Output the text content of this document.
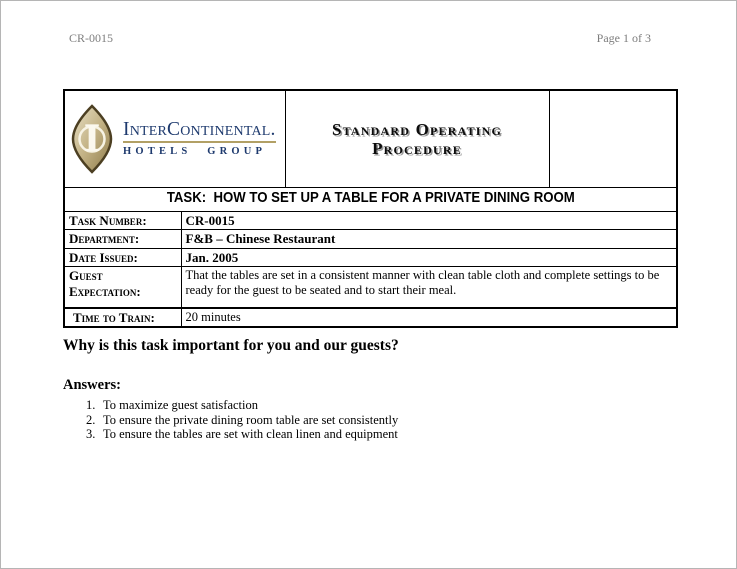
CR-0015	Page 1 of 3
I InterContinental.
HOTELS GROUP

Standard Operating
Procedure

TASK:  HOW TO SET UP A TABLE FOR A PRIVATE DINING ROOM			
Task Number:	CR-0015		
Department:	F&B – Chinese Restaurant		
Date Issued:	Jan. 2005		
Guest Expectation:	That the tables are set in a consistent manner with clean table cloth and complete settings to be ready for the guest to be seated and to start their meal.		
Time to Train:	20 minutes		

Why is this task important for you and our guests?

Answers:

1. To maximize guest satisfaction
2. To ensure the private dining room table are set consistently
3. To ensure the tables are set with clean linen and equipment
